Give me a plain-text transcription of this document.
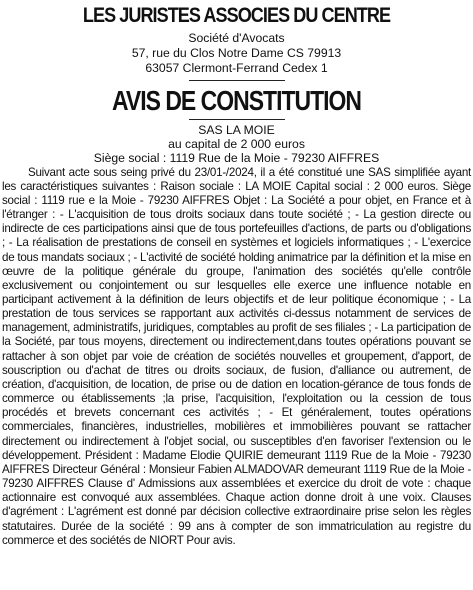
LES JURISTES ASSOCIES DU CENTRE
Société d'Avocats
57, rue du Clos Notre Dame CS 79913
63057 Clermont-Ferrand Cedex 1
AVIS DE CONSTITUTION
SAS LA MOIE
au capital de 2 000 euros
Siège social : 1119 Rue de la Moie - 79230 AIFFRES

Suivant acte sous seing privé du 23/01-/2024, il a été constitué une SAS simplifiée ayant les caractéristiques suivantes : Raison sociale : LA MOIE Capital social : 2 000 euros. Siège social : 1119 rue e la Moie - 79230 AIFFRES Objet : La Société a pour objet, en France et à l'étranger : - L'acquisition de tous droits sociaux dans toute société ; - La gestion directe ou indirecte de ces participations ainsi que de tous portefeuilles d'actions, de parts ou d'obligations ; - La réalisation de prestations de conseil en systèmes et logiciels informatiques ; - L'exercice de tous mandats sociaux ; - L'activité de société holding animatrice par la définition et la mise en œuvre de la politique générale du groupe, l'animation des sociétés qu'elle contrôle exclusivement ou conjointement ou sur lesquelles elle exerce une influence notable en participant activement à la définition de leurs objectifs et de leur politique économique ; - La prestation de tous services se rapportant aux activités ci-dessus notamment de services de management, administratifs, juridiques, comptables au profit de ses filiales ; - La participation de la Société, par tous moyens, directement ou indirectement,dans toutes opérations pouvant se rattacher à son objet par voie de création de sociétés nouvelles et groupement, d'apport, de souscription ou d'achat de titres ou droits sociaux, de fusion, d'alliance ou autrement, de création, d'acquisition, de location, de prise ou de dation en location-gérance de tous fonds de commerce ou établissements ;la prise, l'acquisition, l'exploitation ou la cession de tous procédés et brevets concernant ces activités ; - Et généralement, toutes opérations commerciales, financières, industrielles, mobilières et immobilières pouvant se rattacher directement ou indirectement à l'objet social, ou susceptibles d'en favoriser l'extension ou le développement. Président : Madame Elodie QUIRIE demeurant 1119 Rue de la Moie - 79230 AIFFRES Directeur Général : Monsieur Fabien ALMADOVAR demeurant 1119 Rue de la Moie - 79230 AIFFRES Clause d' Admissions aux assemblées et exercice du droit de vote : chaque actionnaire est convoqué aux assemblées. Chaque action donne droit à une voix. Clauses d'agrément : L'agrément est donné par décision collective extraordinaire prise selon les règles statutaires. Durée de la société : 99 ans à compter de son immatriculation au registre du commerce et des sociétés de NIORT Pour avis.
